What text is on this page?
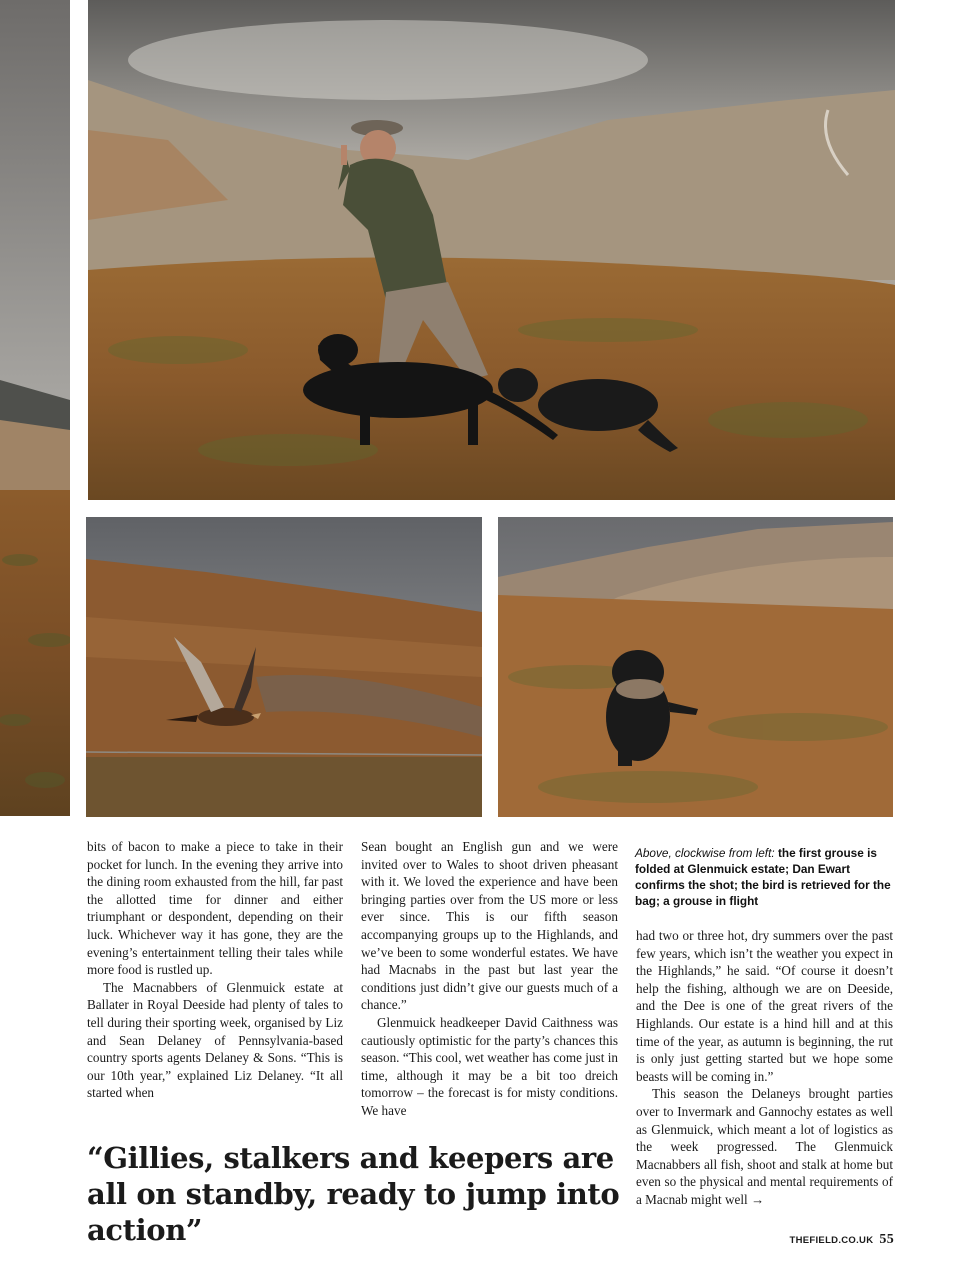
bits of bacon to make a piece to take in their pocket for lunch. In the evening they arrive into the dining room exhausted from the hill, far past the allotted time for dinner and either triumphant or despondent, depending on their luck. Whichever way it has gone, they are the evening’s entertainment telling their tales while more food is rustled up.

The Macnabbers of Glenmuick estate at Ballater in Royal Deeside had plenty of tales to tell during their sporting week, organised by Liz and Sean Delaney of Pennsylvania-based country sports agents Delaney & Sons. “This is our 10th year,” explained Liz Delaney. “It all started when

Sean bought an English gun and we were invited over to Wales to shoot driven pheasant with it. We loved the experience and have been bringing parties over from the US more or less ever since. This is our fifth season accompanying groups up to the Highlands, and we’ve been to some wonderful estates. We have had Macnabs in the past but last year the conditions just didn’t give our guests much of a chance.”

Glenmuick headkeeper David Caithness was cautiously optimistic for the party’s chances this season. “This cool, wet weather has come just in time, although it may be a bit too dreich tomorrow – the forecast is for misty conditions. We have

Above, clockwise from left: the first grouse is folded at Glenmuick estate; Dan Ewart confirms the shot; the bird is retrieved for the bag; a grouse in flight

had two or three hot, dry summers over the past few years, which isn’t the weather you expect in the Highlands,” he said. “Of course it doesn’t help the fishing, although we are on Deeside, and the Dee is one of the great rivers of the Highlands. Our estate is a hind hill and at this time of the year, as autumn is beginning, the rut is only just getting started but we hope some beasts will be coming in.”

This season the Delaneys brought parties over to Invermark and Gannochy estates as well as Glenmuick, which meant a lot of logistics as the week progressed. The Glenmuick Macnabbers all fish, shoot and stalk at home but even so the physical and mental requirements of a Macnab might well →

“Gillies, stalkers and keepers are all on standby, ready to jump into action”	THEFIELD.CO.UK 55
